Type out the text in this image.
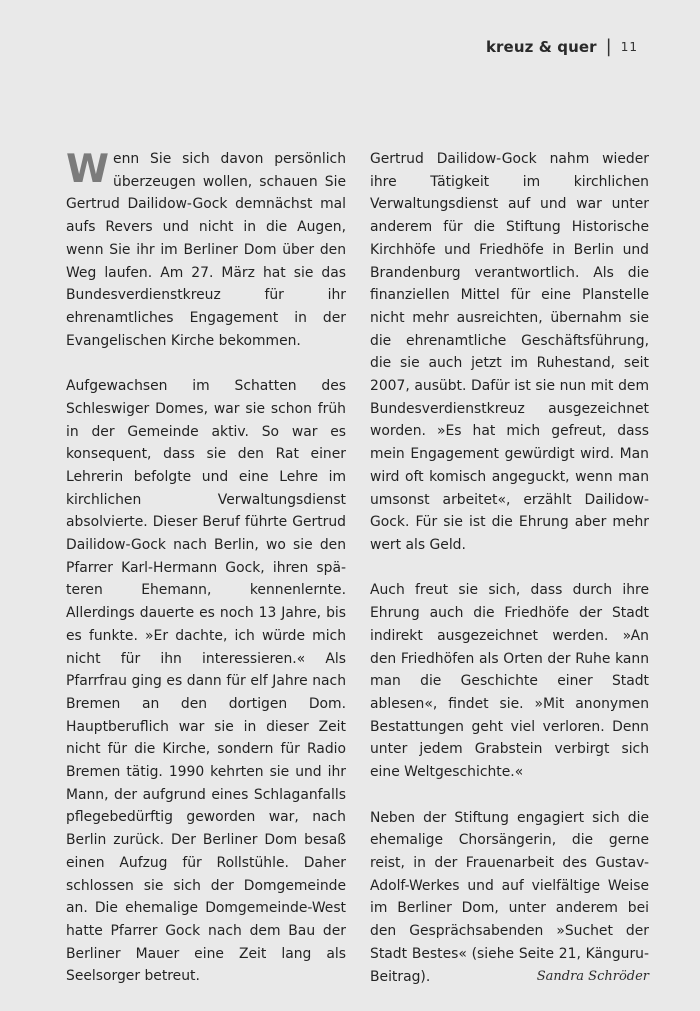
kreuz & quer | 11

W enn Sie sich davon persönlich überzeugen wollen, schauen Sie Gertrud Dailidow-Gock demnächst mal aufs Revers und nicht in die Augen, wenn Sie ihr im Berliner Dom über den Weg laufen. Am 27. März hat sie das Bundesverdienstkreuz für ihr ehrenamtliches Engagement in der Evangelischen Kirche bekommen.

Aufgewachsen im Schatten des Schleswiger Domes, war sie schon früh in der Gemeinde aktiv. So war es konsequent, dass sie den Rat einer Lehrerin befolgte und eine Lehre im kirchlichen Verwaltungsdienst absolvierte. Dieser Beruf führte Gertrud Dailidow-Gock nach Berlin, wo sie den Pfarrer Karl-Hermann Gock, ihren späteren Ehemann, kennenlernte. Allerdings dauerte es noch 13 Jahre, bis es funkte. »Er dachte, ich würde mich nicht für ihn interessieren.« Als Pfarrfrau ging es dann für elf Jahre nach Bremen an den dortigen Dom. Hauptberuflich war sie in dieser Zeit nicht für die Kirche, sondern für Radio Bremen tätig. 1990 kehrten sie und ihr Mann, der aufgrund eines Schlaganfalls pflegebedürftig geworden war, nach Berlin zurück. Der Berliner Dom besaß einen Aufzug für Rollstühle. Daher schlossen sie sich der Domgemeinde an. Die ehemalige Domgemeinde-West hatte Pfarrer Gock nach dem Bau der Berliner Mauer eine Zeit lang als Seelsorger betreut.

Gertrud Dailidow-Gock nahm wieder ihre Tätigkeit im kirchlichen Verwaltungsdienst auf und war unter anderem für die Stiftung Historische Kirchhöfe und Friedhöfe in Berlin und Brandenburg verantwortlich. Als die finanziellen Mittel für eine Planstelle nicht mehr ausreichten, übernahm sie die ehrenamtliche Geschäftsführung, die sie auch jetzt im Ruhestand, seit 2007, ausübt. Dafür ist sie nun mit dem Bundesverdienstkreuz ausgezeichnet worden. »Es hat mich gefreut, dass mein Engagement gewürdigt wird. Man wird oft komisch angeguckt, wenn man umsonst arbeitet«, erzählt Dailidow-Gock. Für sie ist die Ehrung aber mehr wert als Geld.

Auch freut sie sich, dass durch ihre Ehrung auch die Friedhöfe der Stadt indirekt ausgezeichnet werden. »An den Friedhöfen als Orten der Ruhe kann man die Geschichte einer Stadt ablesen«, findet sie. »Mit anonymen Bestattungen geht viel verloren. Denn unter jedem Grabstein verbirgt sich eine Weltgeschichte.«

Neben der Stiftung engagiert sich die ehemalige Chorsängerin, die gerne reist, in der Frauenarbeit des Gustav-Adolf-Werkes und auf vielfältige Weise im Berliner Dom, unter anderem bei den Gesprächsabenden »Suchet der Stadt Bestes« (siehe Seite 21, Känguru-Beitrag).	Sandra Schröder
